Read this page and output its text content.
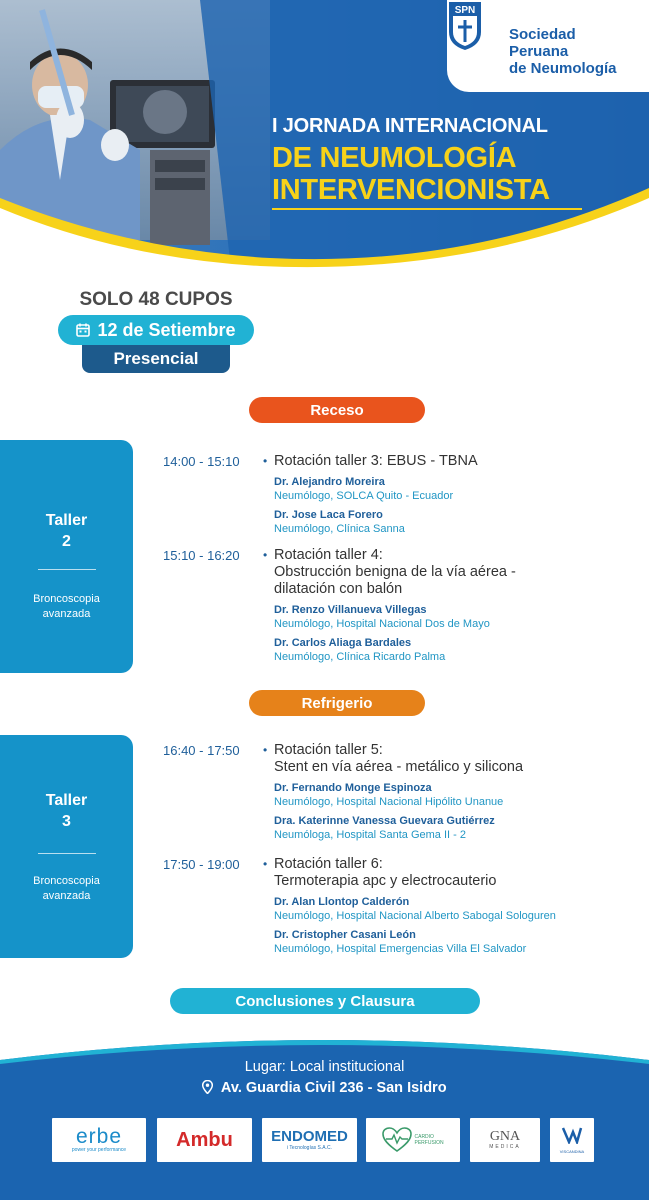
SPN
Sociedad
Peruana
de Neumología
I JORNADA INTERNACIONAL
DE NEUMOLOGÍA
INTERVENCIONISTA
SOLO 48 CUPOS
12 de Setiembre
Presencial
Receso
Taller
2
Broncoscopia
avanzada
14:00 - 15:10 • Rotación taller 3: EBUS - TBNA
Dr. Alejandro Moreira
Neumólogo, SOLCA Quito - Ecuador
Dr. Jose Laca Forero
Neumólogo, Clínica Sanna
15:10 - 16:20 • Rotación taller 4:
Obstrucción benigna de la vía aérea -
dilatación con balón
Dr. Renzo Villanueva Villegas
Neumólogo, Hospital Nacional Dos de Mayo
Dr. Carlos Aliaga Bardales
Neumólogo, Clínica Ricardo Palma
Refrigerio
Taller
3
Broncoscopia
avanzada
16:40 - 17:50 • Rotación taller 5:
Stent en vía aérea - metálico y silicona
Dr. Fernando Monge Espinoza
Neumólogo, Hospital Nacional Hipólito Unanue
Dra. Katerinne Vanessa Guevara Gutiérrez
Neumóloga, Hospital Santa Gema II - 2
17:50 - 19:00 • Rotación taller 6:
Termoterapia apc y electrocauterio
Dr. Alan Llontop Calderón
Neumólogo, Hospital Nacional Alberto Sabogal Sologuren
Dr. Cristopher Casani León
Neumólogo, Hospital Emergencias Villa El Salvador
Conclusiones y Clausura
Lugar: Local institucional
Av. Guardia Civil 236 - San Isidro
erbe
power your performance	Ambu	ENDOMED
i Tecnologías S.A.C.
CARDIO PERFUSION	GNA
MEDICA
VISCANDINA
